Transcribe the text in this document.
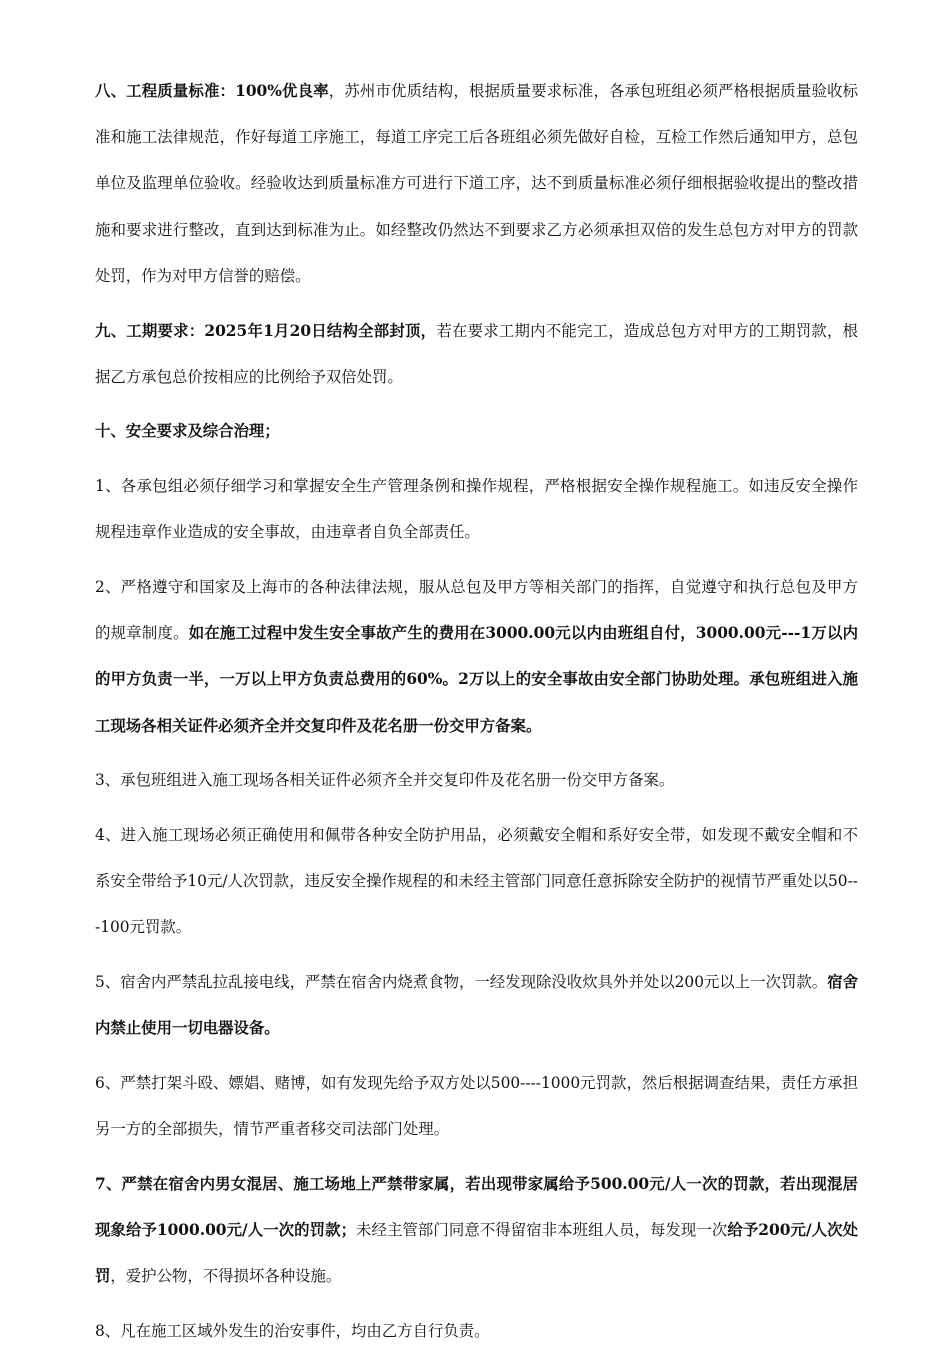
八、工程质量标准：100%优良率，苏州市优质结构，根据质量要求标准，各承包班组必须严格根据质量验收标准和施工法律规范，作好每道工序施工，每道工序完工后各班组必须先做好自检，互检工作然后通知甲方，总包单位及监理单位验收。经验收达到质量标准方可进行下道工序，达不到质量标准必须仔细根据验收提出的整改措施和要求进行整改，直到达到标准为止。如经整改仍然达不到要求乙方必须承担双倍的发生总包方对甲方的罚款处罚，作为对甲方信誉的赔偿。

九、工期要求：2025年1月20日结构全部封顶，若在要求工期内不能完工，造成总包方对甲方的工期罚款，根据乙方承包总价按相应的比例给予双倍处罚。

十、安全要求及综合治理；

1、各承包组必须仔细学习和掌握安全生产管理条例和操作规程，严格根据安全操作规程施工。如违反安全操作规程违章作业造成的安全事故，由违章者自负全部责任。

2、严格遵守和国家及上海市的各种法律法规，服从总包及甲方等相关部门的指挥，自觉遵守和执行总包及甲方的规章制度。如在施工过程中发生安全事故产生的费用在3000.00元以内由班组自付，3000.00元---1万以内的甲方负责一半，一万以上甲方负责总费用的60%。2万以上的安全事故由安全部门协助处理。承包班组进入施工现场各相关证件必须齐全并交复印件及花名册一份交甲方备案。

3、承包班组进入施工现场各相关证件必须齐全并交复印件及花名册一份交甲方备案。

4、进入施工现场必须正确使用和佩带各种安全防护用品，必须戴安全帽和系好安全带，如发现不戴安全帽和不系安全带给予10元/人次罚款，违反安全操作规程的和未经主管部门同意任意拆除安全防护的视情节严重处以50---100元罚款。

5、宿舍内严禁乱拉乱接电线，严禁在宿舍内烧煮食物，一经发现除没收炊具外并处以200元以上一次罚款。宿舍内禁止使用一切电器设备。

6、严禁打架斗殴、嫖娼、赌博，如有发现先给予双方处以500----1000元罚款，然后根据调查结果，责任方承担另一方的全部损失，情节严重者移交司法部门处理。

7、严禁在宿舍内男女混居、施工场地上严禁带家属，若出现带家属给予500.00元/人一次的罚款，若出现混居现象给予1000.00元/人一次的罚款；未经主管部门同意不得留宿非本班组人员，每发现一次给予200元/人次处罚，爱护公物，不得损坏各种设施。

8、凡在施工区域外发生的治安事件，均由乙方自行负责。
